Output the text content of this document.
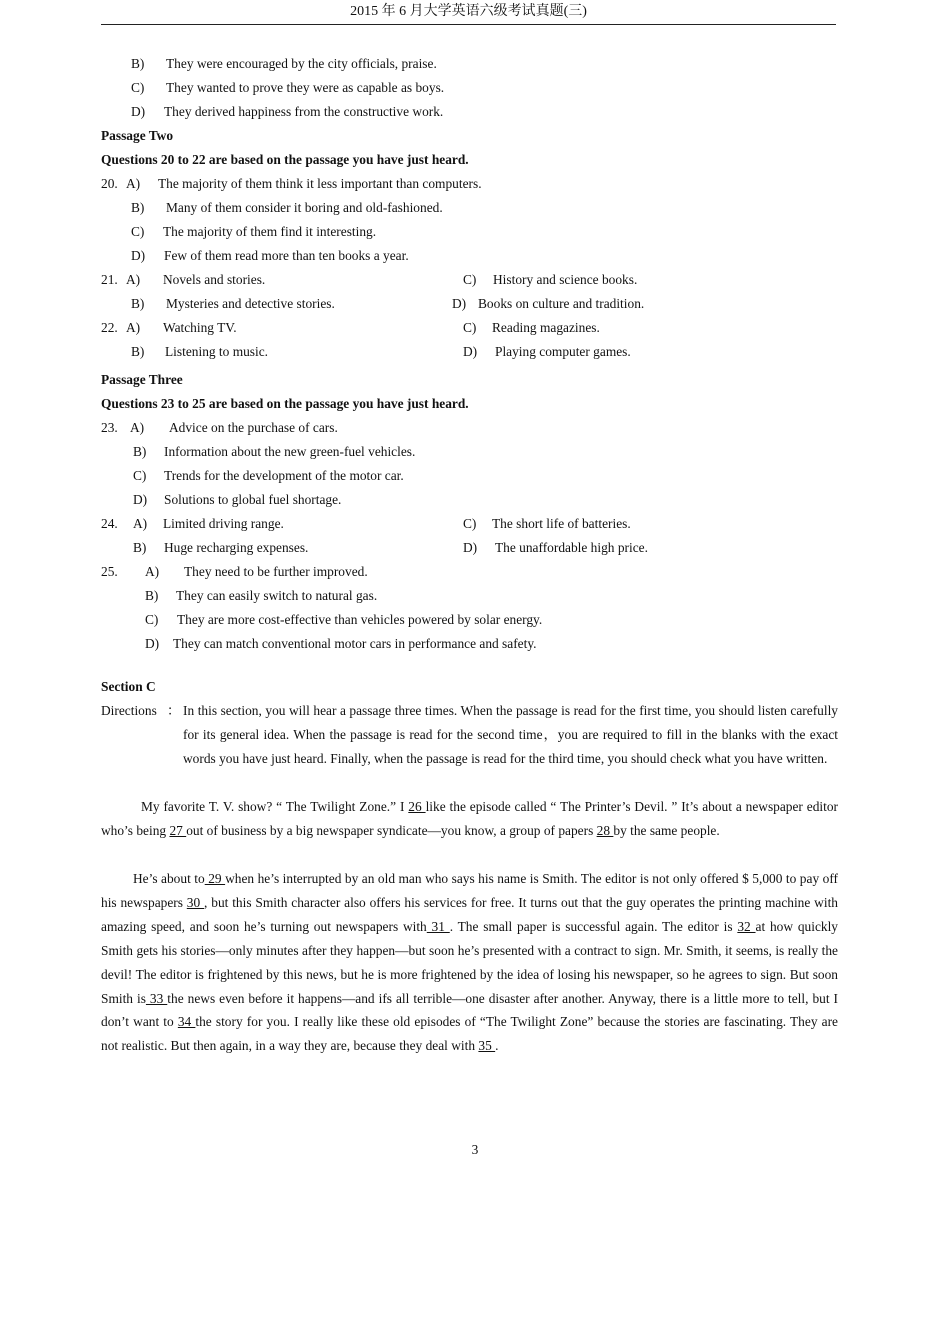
2015 年 6 月大学英语六级考试真题(三)
B) They were encouraged by the city officials, praise.
C) They wanted to prove they were as capable as boys.
D) They derived happiness from the constructive work.
Passage Two
Questions 20 to 22 are based on the passage you have just heard.
20. A) The majority of them think it less important than computers.
B) Many of them consider it boring and old-fashioned.
C) The majority of them find it interesting.
D) Few of them read more than ten books a year.
21. A) Novels and stories.	C) History and science books.
B) Mysteries and detective stories.	D) Books on culture and tradition.
22. A) Watching TV.	C) Reading magazines.
B) Listening to music.	D) Playing computer games.
Passage Three
Questions 23 to 25 are based on the passage you have just heard.
23. A) Advice on the purchase of cars.
B) Information about the new green-fuel vehicles.
C) Trends for the development of the motor car.
D) Solutions to global fuel shortage.
24. A) Limited driving range.	C) The short life of batteries.
B) Huge recharging expenses.	D) The unaffordable high price.
25. A) They need to be further improved.
B) They can easily switch to natural gas.
C) They are more cost-effective than vehicles powered by solar energy.
D) They can match conventional motor cars in performance and safety.
Section C
Directions ： In this section, you will hear a passage three times. When the passage is read for the first time, you should listen carefully for its general idea. When the passage is read for the second time，you are required to fill in the blanks with the exact words you have just heard. Finally, when the passage is read for the third time, you should check what you have written.
My favorite T. V. show? “ The Twilight Zone.” I 26 like the episode called “ The Printer’s Devil. ” It’s about a newspaper editor who’s being 27 out of business by a big newspaper syndicate—you know, a group of papers 28 by the same people.
He’s about to 29 when he’s interrupted by an old man who says his name is Smith. The editor is not only offered $ 5,000 to pay off his newspapers 30 , but this Smith character also offers his services for free. It turns out that the guy operates the printing machine with amazing speed, and soon he’s turning out newspapers with 31 . The small paper is successful again. The editor is 32 at how quickly Smith gets his stories—only minutes after they happen—but soon he’s presented with a contract to sign. Mr. Smith, it seems, is really the devil! The editor is frightened by this news, but he is more frightened by the idea of losing his newspaper, so he agrees to sign. But soon Smith is 33 the news even before it happens—and ifs all terrible—one disaster after another. Anyway, there is a little more to tell, but I don’t want to 34 the story for you. I really like these old episodes of “The Twilight Zone” because the stories are fascinating. They are not realistic. But then again, in a way they are, because they deal with 35 .
3
